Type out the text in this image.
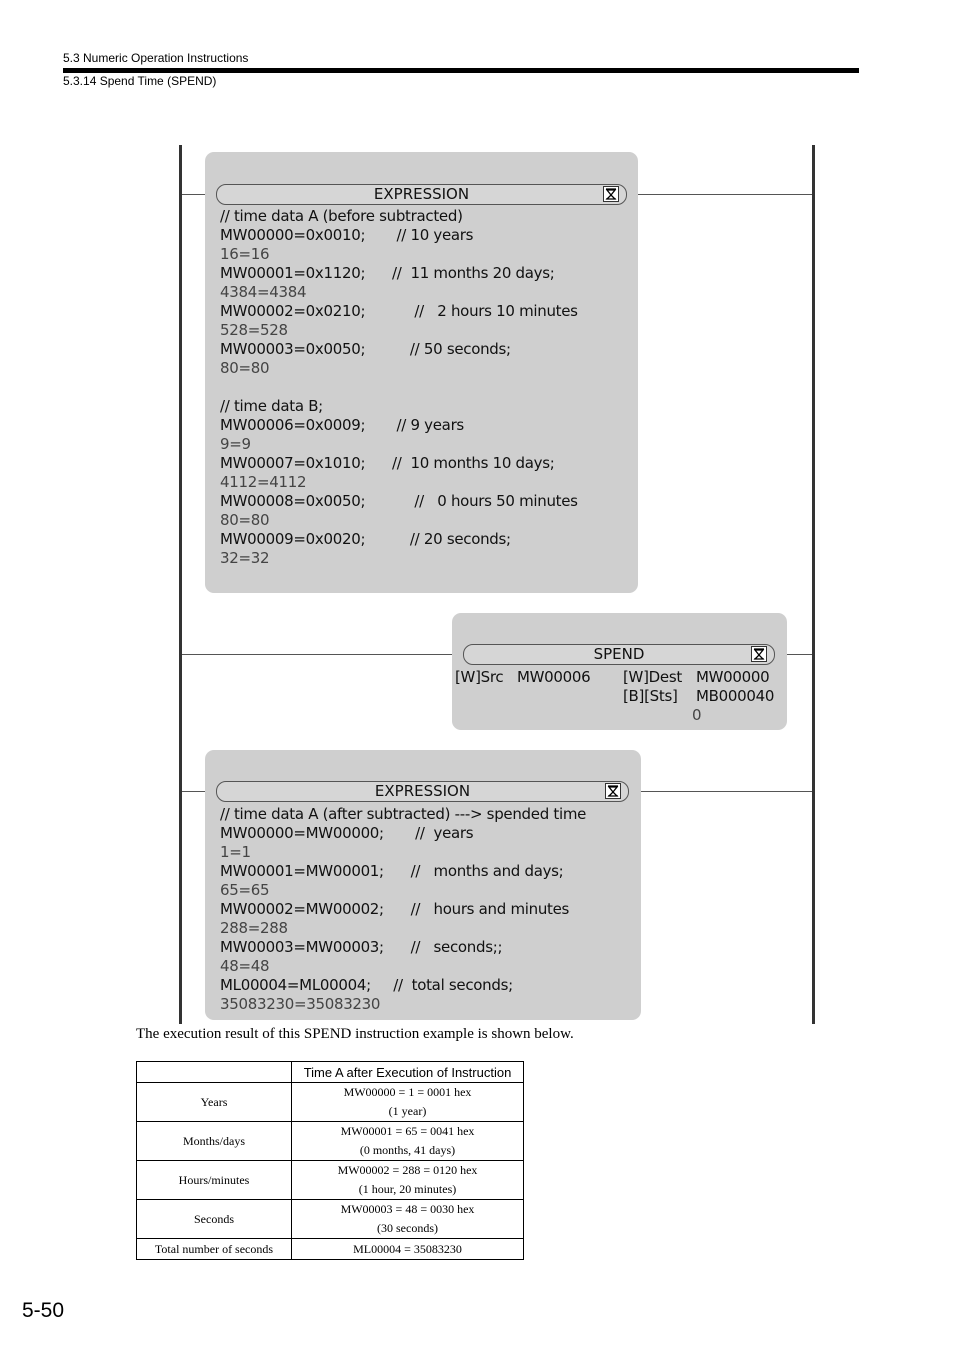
5.3 Numeric Operation Instructions
5.3.14 Spend Time (SPEND)
EXPRESSION
// time data A (before subtracted)
MW00000=0x0010;       // 10 years
16=16
MW00001=0x1120;      //  11 months 20 days;
4384=4384
MW00002=0x0210;           //   2 hours 10 minutes
528=528
MW00003=0x0050;          // 50 seconds;
80=80
// time data B;
MW00006=0x0009;       // 9 years
9=9
MW00007=0x1010;      //  10 months 10 days;
4112=4112
MW00008=0x0050;           //   0 hours 50 minutes
80=80
MW00009=0x0020;          // 20 seconds;
32=32
SPEND
[W]Src MW00006 [W]Dest MW00000
[B][Sts] MB000040
0
EXPRESSION
// time data A (after subtracted) ---> spended time
MW00000=MW00000;       //  years
1=1
MW00001=MW00001;      //   months and days;
65=65
MW00002=MW00002;      //   hours and minutes
288=288
MW00003=MW00003;      //   seconds;;
48=48
ML00004=ML00004;     //  total seconds;
35083230=35083230
The execution result of this SPEND instruction example is shown below.
	Time A after Execution of Instruction
Years	MW00000 = 1 = 0001 hex
(1 year)

Months/days	MW00001 = 65 = 0041 hex
(0 months, 41 days)

Hours/minutes	MW00002 = 288 = 0120 hex
(1 hour, 20 minutes)

Seconds	MW00003 = 48 = 0030 hex
(30 seconds)

Total number of seconds	ML00004 = 35083230
5-50
